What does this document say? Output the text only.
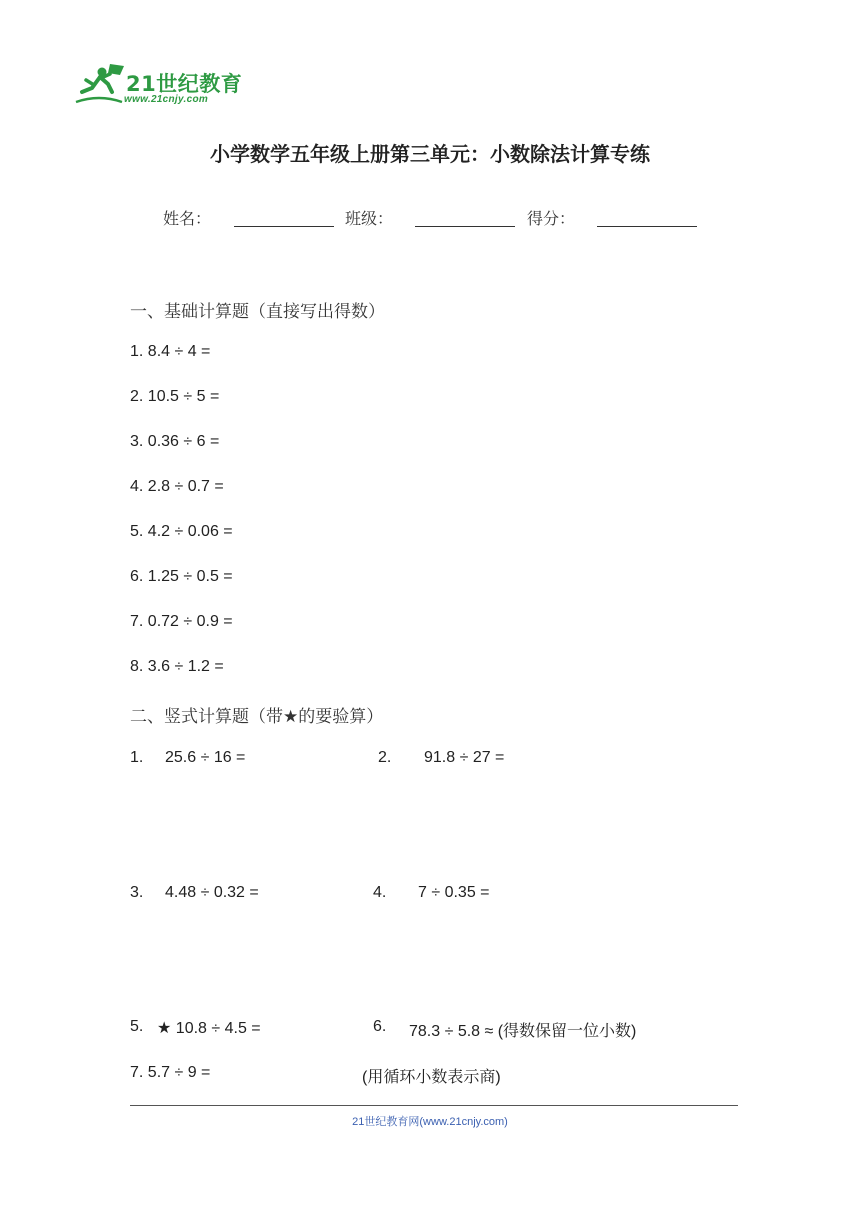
21世纪教育
www.21cnjy.com
小学数学五年级上册第三单元：小数除法计算专练
姓名：	班级：	得分：
一、基础计算题（直接写出得数）
1. 8.4 ÷ 4 =
2. 10.5 ÷ 5 =
3. 0.36 ÷ 6 =
4. 2.8 ÷ 0.7 =
5. 4.2 ÷ 0.06 =
6. 1.25 ÷ 0.5 =
7. 0.72 ÷ 0.9 =
8. 3.6 ÷ 1.2 =
二、竖式计算题（带★的要验算）
1. 25.6 ÷ 16 =	2. 91.8 ÷ 27 =
3. 4.48 ÷ 0.32 =	4. 7 ÷ 0.35 =
5. ★ 10.8 ÷ 4.5 =	6. 78.3 ÷ 5.8 ≈ (得数保留一位小数)
7. 5.7 ÷ 9 =	(用循环小数表示商)
21世纪教育网(www.21cnjy.com)
